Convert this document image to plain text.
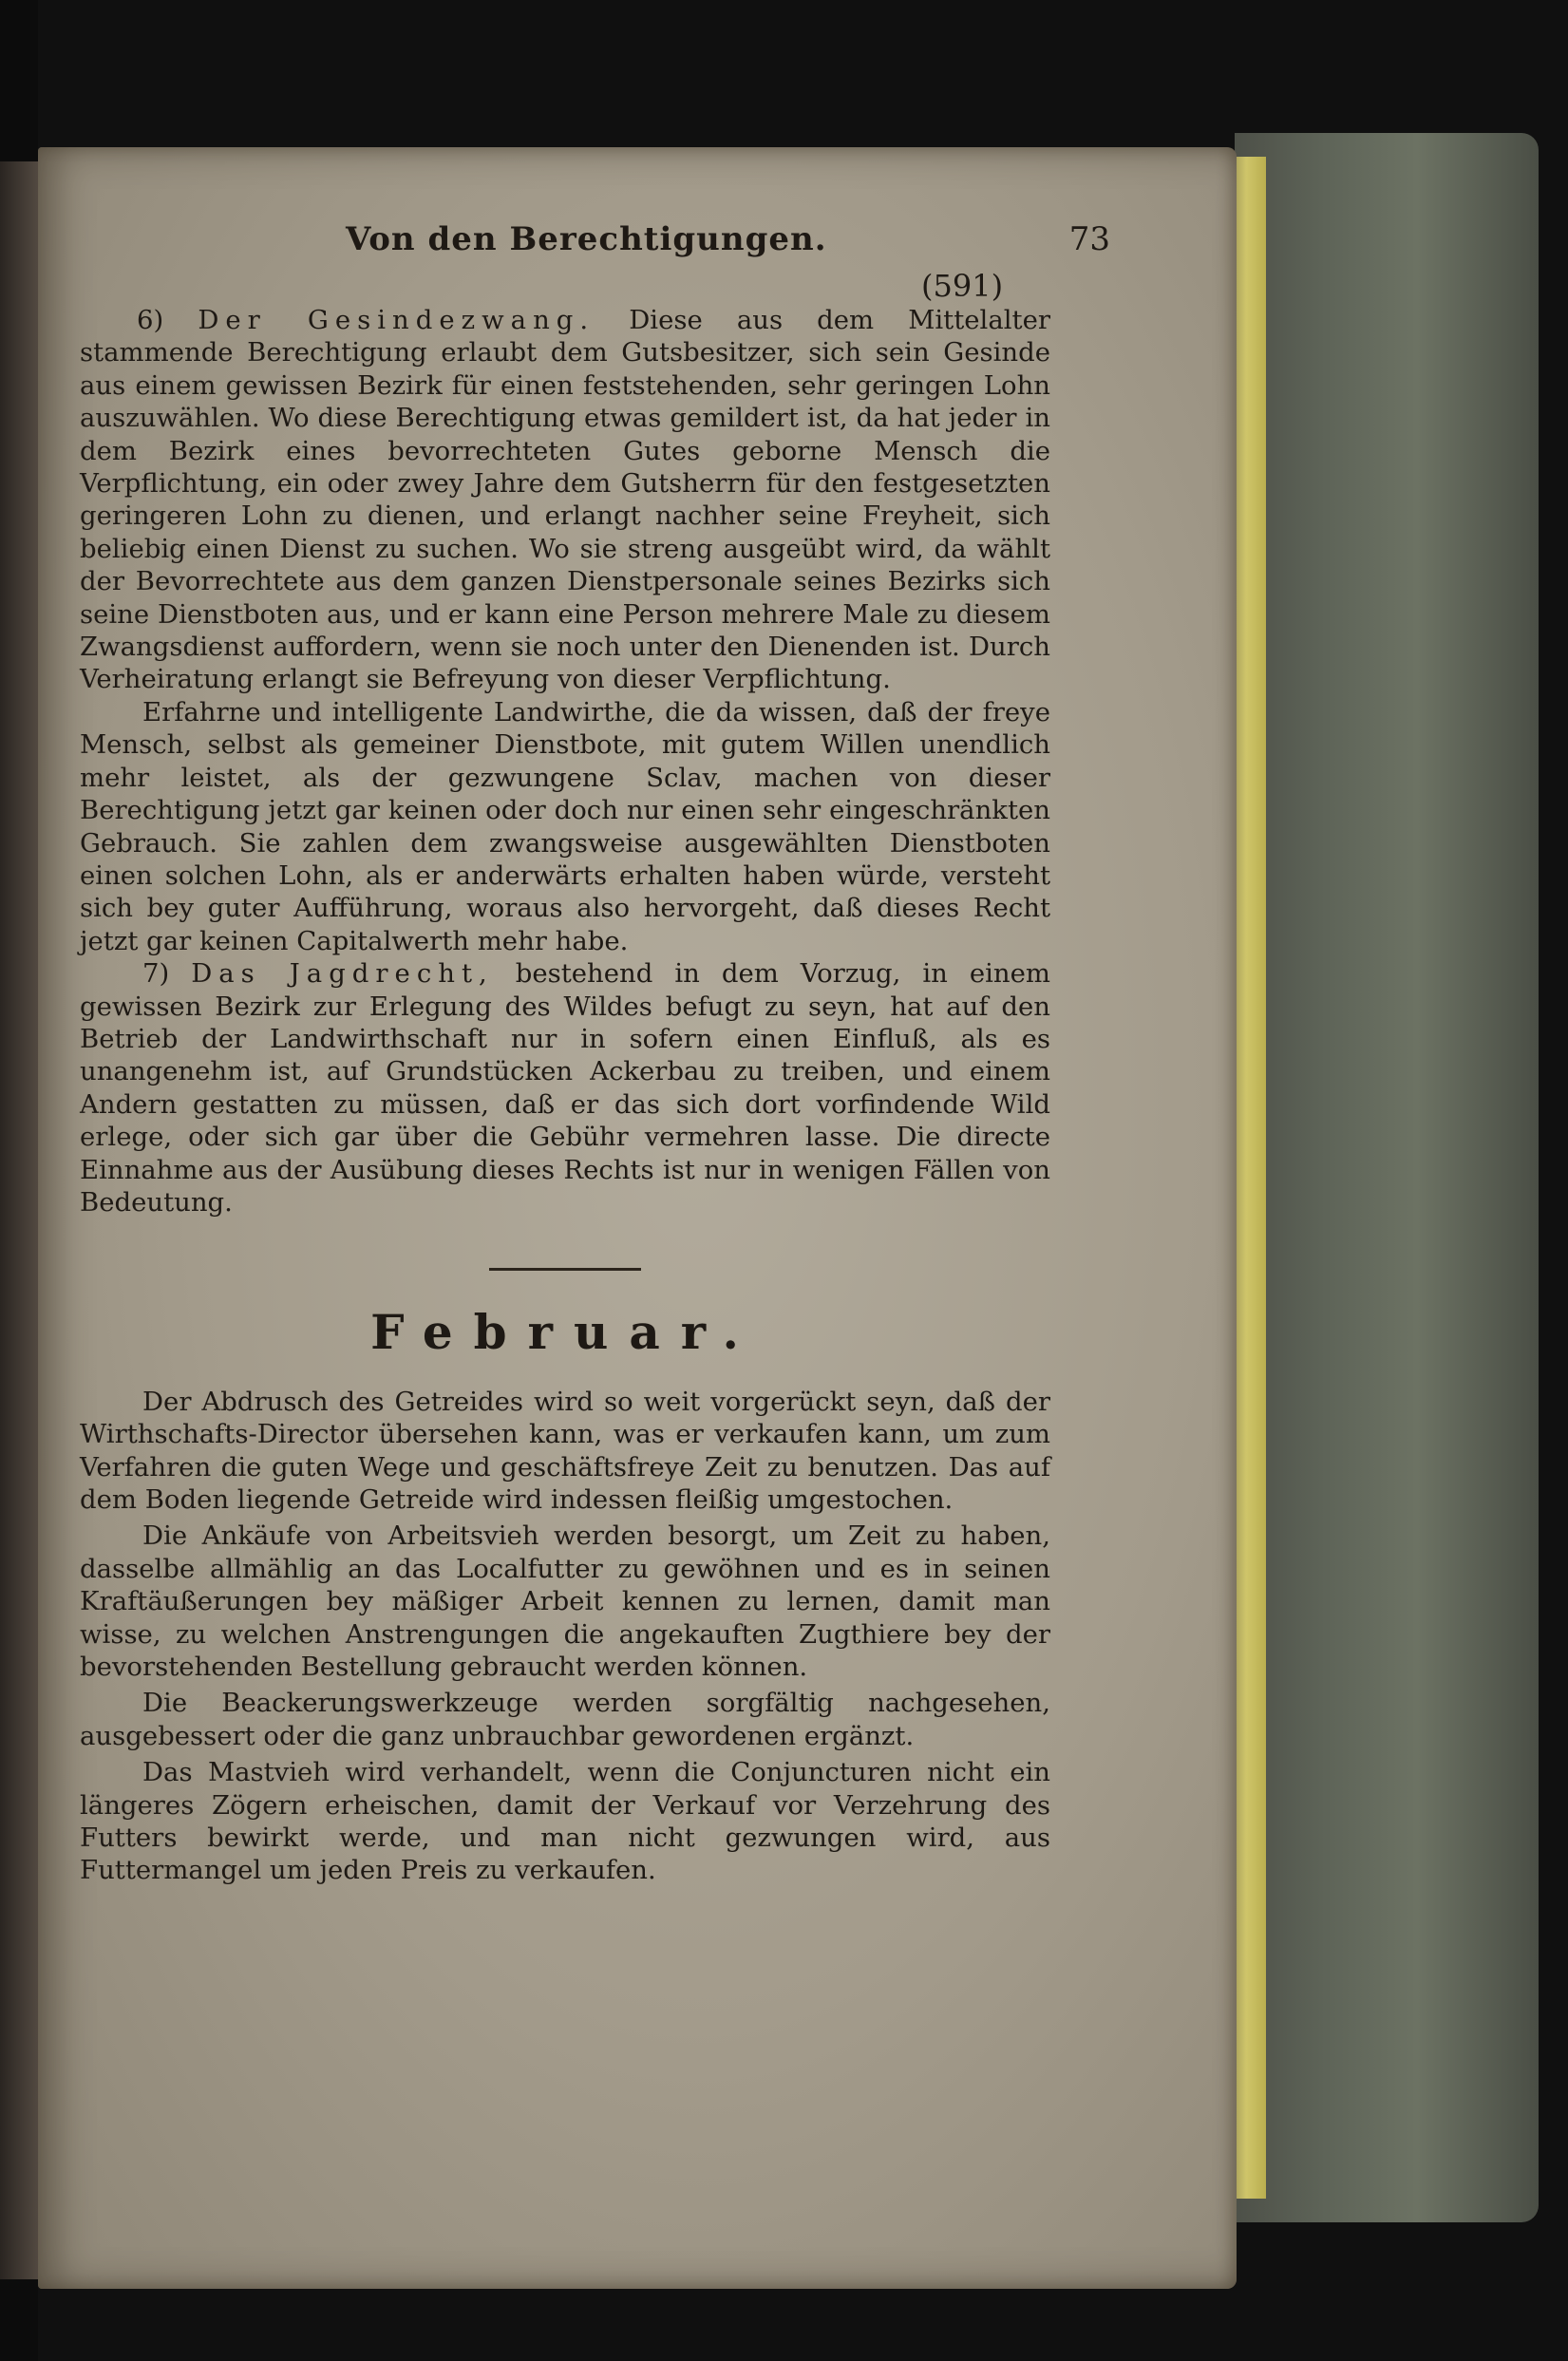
Von den Berechtigungen.	73
(591)

6) Der Gesindezwang. Diese aus dem Mittelalter stammende Berechtigung erlaubt dem Gutsbesitzer, sich sein Gesinde aus einem gewissen Bezirk für einen feststehenden, sehr geringen Lohn auszuwählen. Wo diese Berechtigung etwas gemildert ist, da hat jeder in dem Bezirk eines bevorrechteten Gutes geborne Mensch die Verpflichtung, ein oder zwey Jahre dem Gutsherrn für den festgesetzten geringeren Lohn zu dienen, und erlangt nachher seine Freyheit, sich beliebig einen Dienst zu suchen. Wo sie streng ausgeübt wird, da wählt der Bevorrechtete aus dem ganzen Dienstpersonale seines Bezirks sich seine Dienstboten aus, und er kann eine Person mehrere Male zu diesem Zwangsdienst auffordern, wenn sie noch unter den Dienenden ist. Durch Verheiratung erlangt sie Befreyung von dieser Verpflichtung.

Erfahrne und intelligente Landwirthe, die da wissen, daß der freye Mensch, selbst als gemeiner Dienstbote, mit gutem Willen unendlich mehr leistet, als der gezwungene Sclav, machen von dieser Berechtigung jetzt gar keinen oder doch nur einen sehr eingeschränkten Gebrauch. Sie zahlen dem zwangsweise ausgewählten Dienstboten einen solchen Lohn, als er anderwärts erhalten haben würde, versteht sich bey guter Aufführung, woraus also hervorgeht, daß dieses Recht jetzt gar keinen Capitalwerth mehr habe.

7) Das Jagdrecht, bestehend in dem Vorzug, in einem gewissen Bezirk zur Erlegung des Wildes befugt zu seyn, hat auf den Betrieb der Landwirthschaft nur in sofern einen Einfluß, als es unangenehm ist, auf Grundstücken Ackerbau zu treiben, und einem Andern gestatten zu müssen, daß er das sich dort vorfindende Wild erlege, oder sich gar über die Gebühr vermehren lasse. Die directe Einnahme aus der Ausübung dieses Rechts ist nur in wenigen Fällen von Bedeutung.

Februar.

Der Abdrusch des Getreides wird so weit vorgerückt seyn, daß der Wirthschafts-Director übersehen kann, was er verkaufen kann, um zum Verfahren die guten Wege und geschäftsfreye Zeit zu benutzen. Das auf dem Boden liegende Getreide wird indessen fleißig umgestochen.

Die Ankäufe von Arbeitsvieh werden besorgt, um Zeit zu haben, dasselbe allmählig an das Localfutter zu gewöhnen und es in seinen Kraftäußerungen bey mäßiger Arbeit kennen zu lernen, damit man wisse, zu welchen Anstrengungen die angekauften Zugthiere bey der bevorstehenden Bestellung gebraucht werden können.

Die Beackerungswerkzeuge werden sorgfältig nachgesehen, ausgebessert oder die ganz unbrauchbar gewordenen ergänzt.

Das Mastvieh wird verhandelt, wenn die Conjuncturen nicht ein längeres Zögern erheischen, damit der Verkauf vor Verzehrung des Futters bewirkt werde, und man nicht gezwungen wird, aus Futtermangel um jeden Preis zu verkaufen.
